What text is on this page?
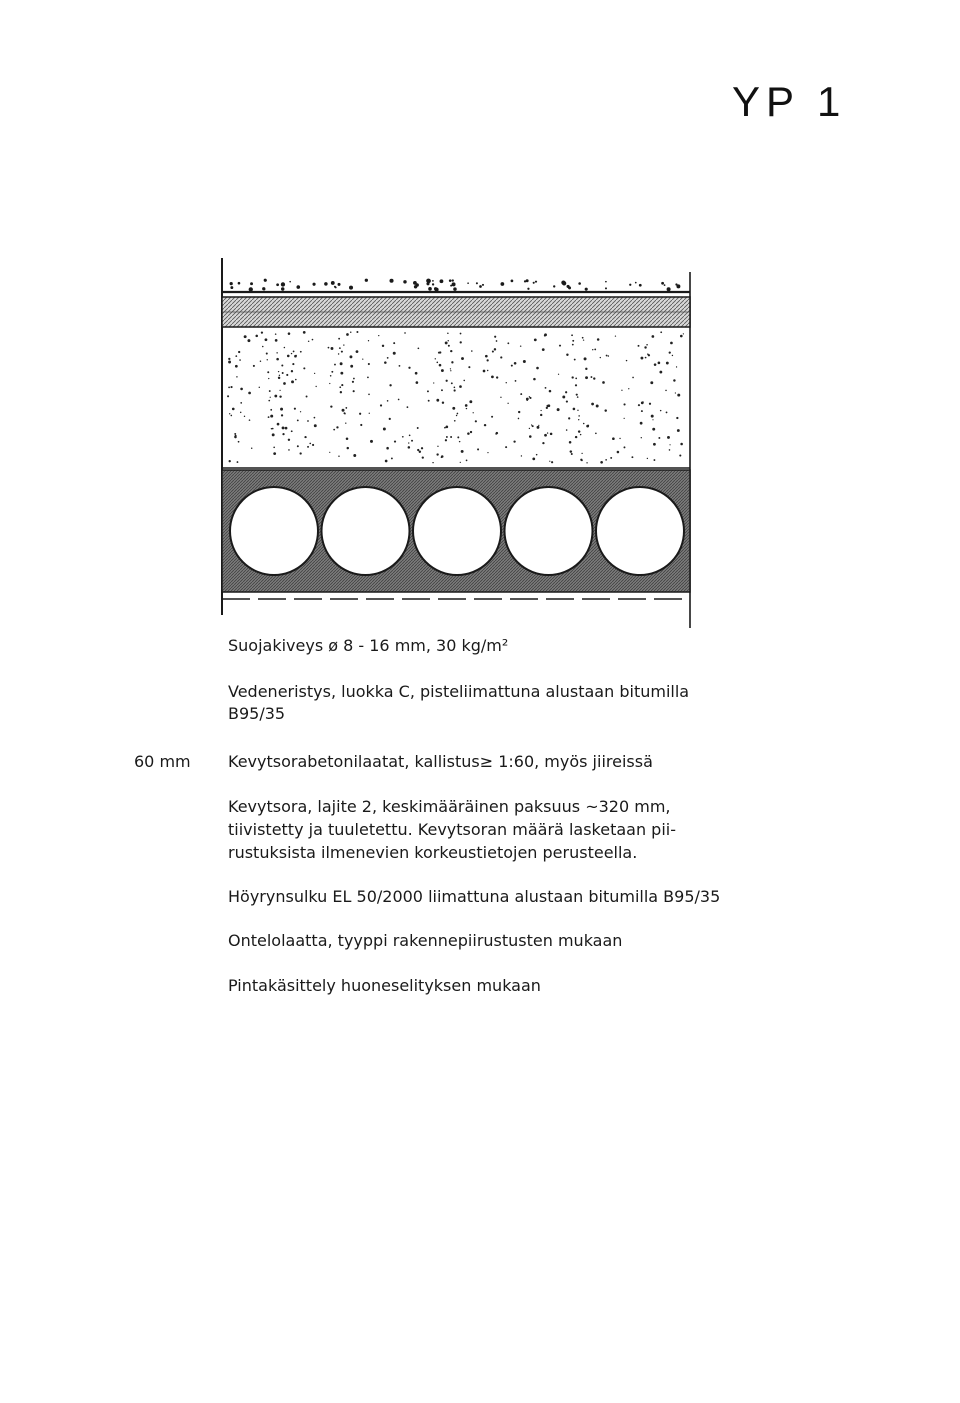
YP 1
Suojakiveys ø 8 - 16 mm, 30 kg/m²
Vedeneristys, luokka C, pisteliimattuna alustaan bitumilla
B95/35
60 mm Kevytsorabetonilaatat, kallistus≥ 1:60, myös jiireissä
Kevytsora, lajite 2, keskimääräinen paksuus ~320 mm,
tiivistetty ja tuuletettu. Kevytsoran määrä lasketaan pii-
rustuksista ilmenevien korkeustietojen perusteella.
Höyrynsulku EL 50/2000 liimattuna alustaan bitumilla B95/35
Ontelolaatta, tyyppi rakennepiirustusten mukaan
Pintakäsittely huoneselityksen mukaan
